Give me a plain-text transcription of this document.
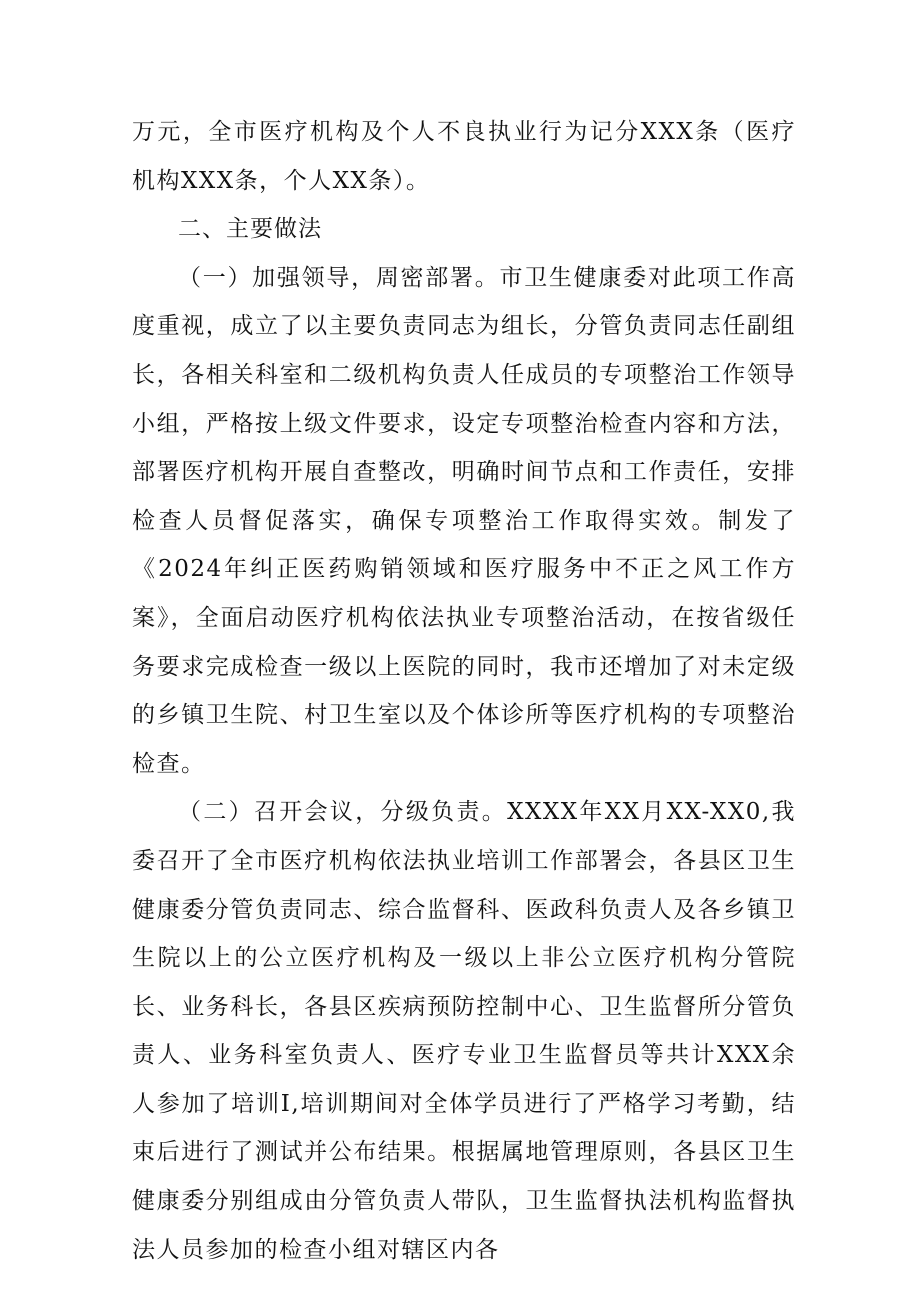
万元，全市医疗机构及个人不良执业行为记分XXX条（医疗机构XXX条，个人XX条）。

二、主要做法

（一）加强领导，周密部署。市卫生健康委对此项工作高度重视，成立了以主要负责同志为组长，分管负责同志任副组长，各相关科室和二级机构负责人任成员的专项整治工作领导小组，严格按上级文件要求，设定专项整治检查内容和方法，部署医疗机构开展自查整改，明确时间节点和工作责任，安排检查人员督促落实，确保专项整治工作取得实效。制发了《2024年纠正医药购销领域和医疗服务中不正之风工作方案》，全面启动医疗机构依法执业专项整治活动，在按省级任务要求完成检查一级以上医院的同时，我市还增加了对未定级的乡镇卫生院、村卫生室以及个体诊所等医疗机构的专项整治检查。

（二）召开会议，分级负责。XXXX年XX月XX-XX0,我委召开了全市医疗机构依法执业培训工作部署会，各县区卫生健康委分管负责同志、综合监督科、医政科负责人及各乡镇卫生院以上的公立医疗机构及一级以上非公立医疗机构分管院长、业务科长，各县区疾病预防控制中心、卫生监督所分管负责人、业务科室负责人、医疗专业卫生监督员等共计XXX余人参加了培训I,培训期间对全体学员进行了严格学习考勤，结束后进行了测试并公布结果。根据属地管理原则，各县区卫生健康委分别组成由分管负责人带队，卫生监督执法机构监督执法人员参加的检查小组对辖区内各
